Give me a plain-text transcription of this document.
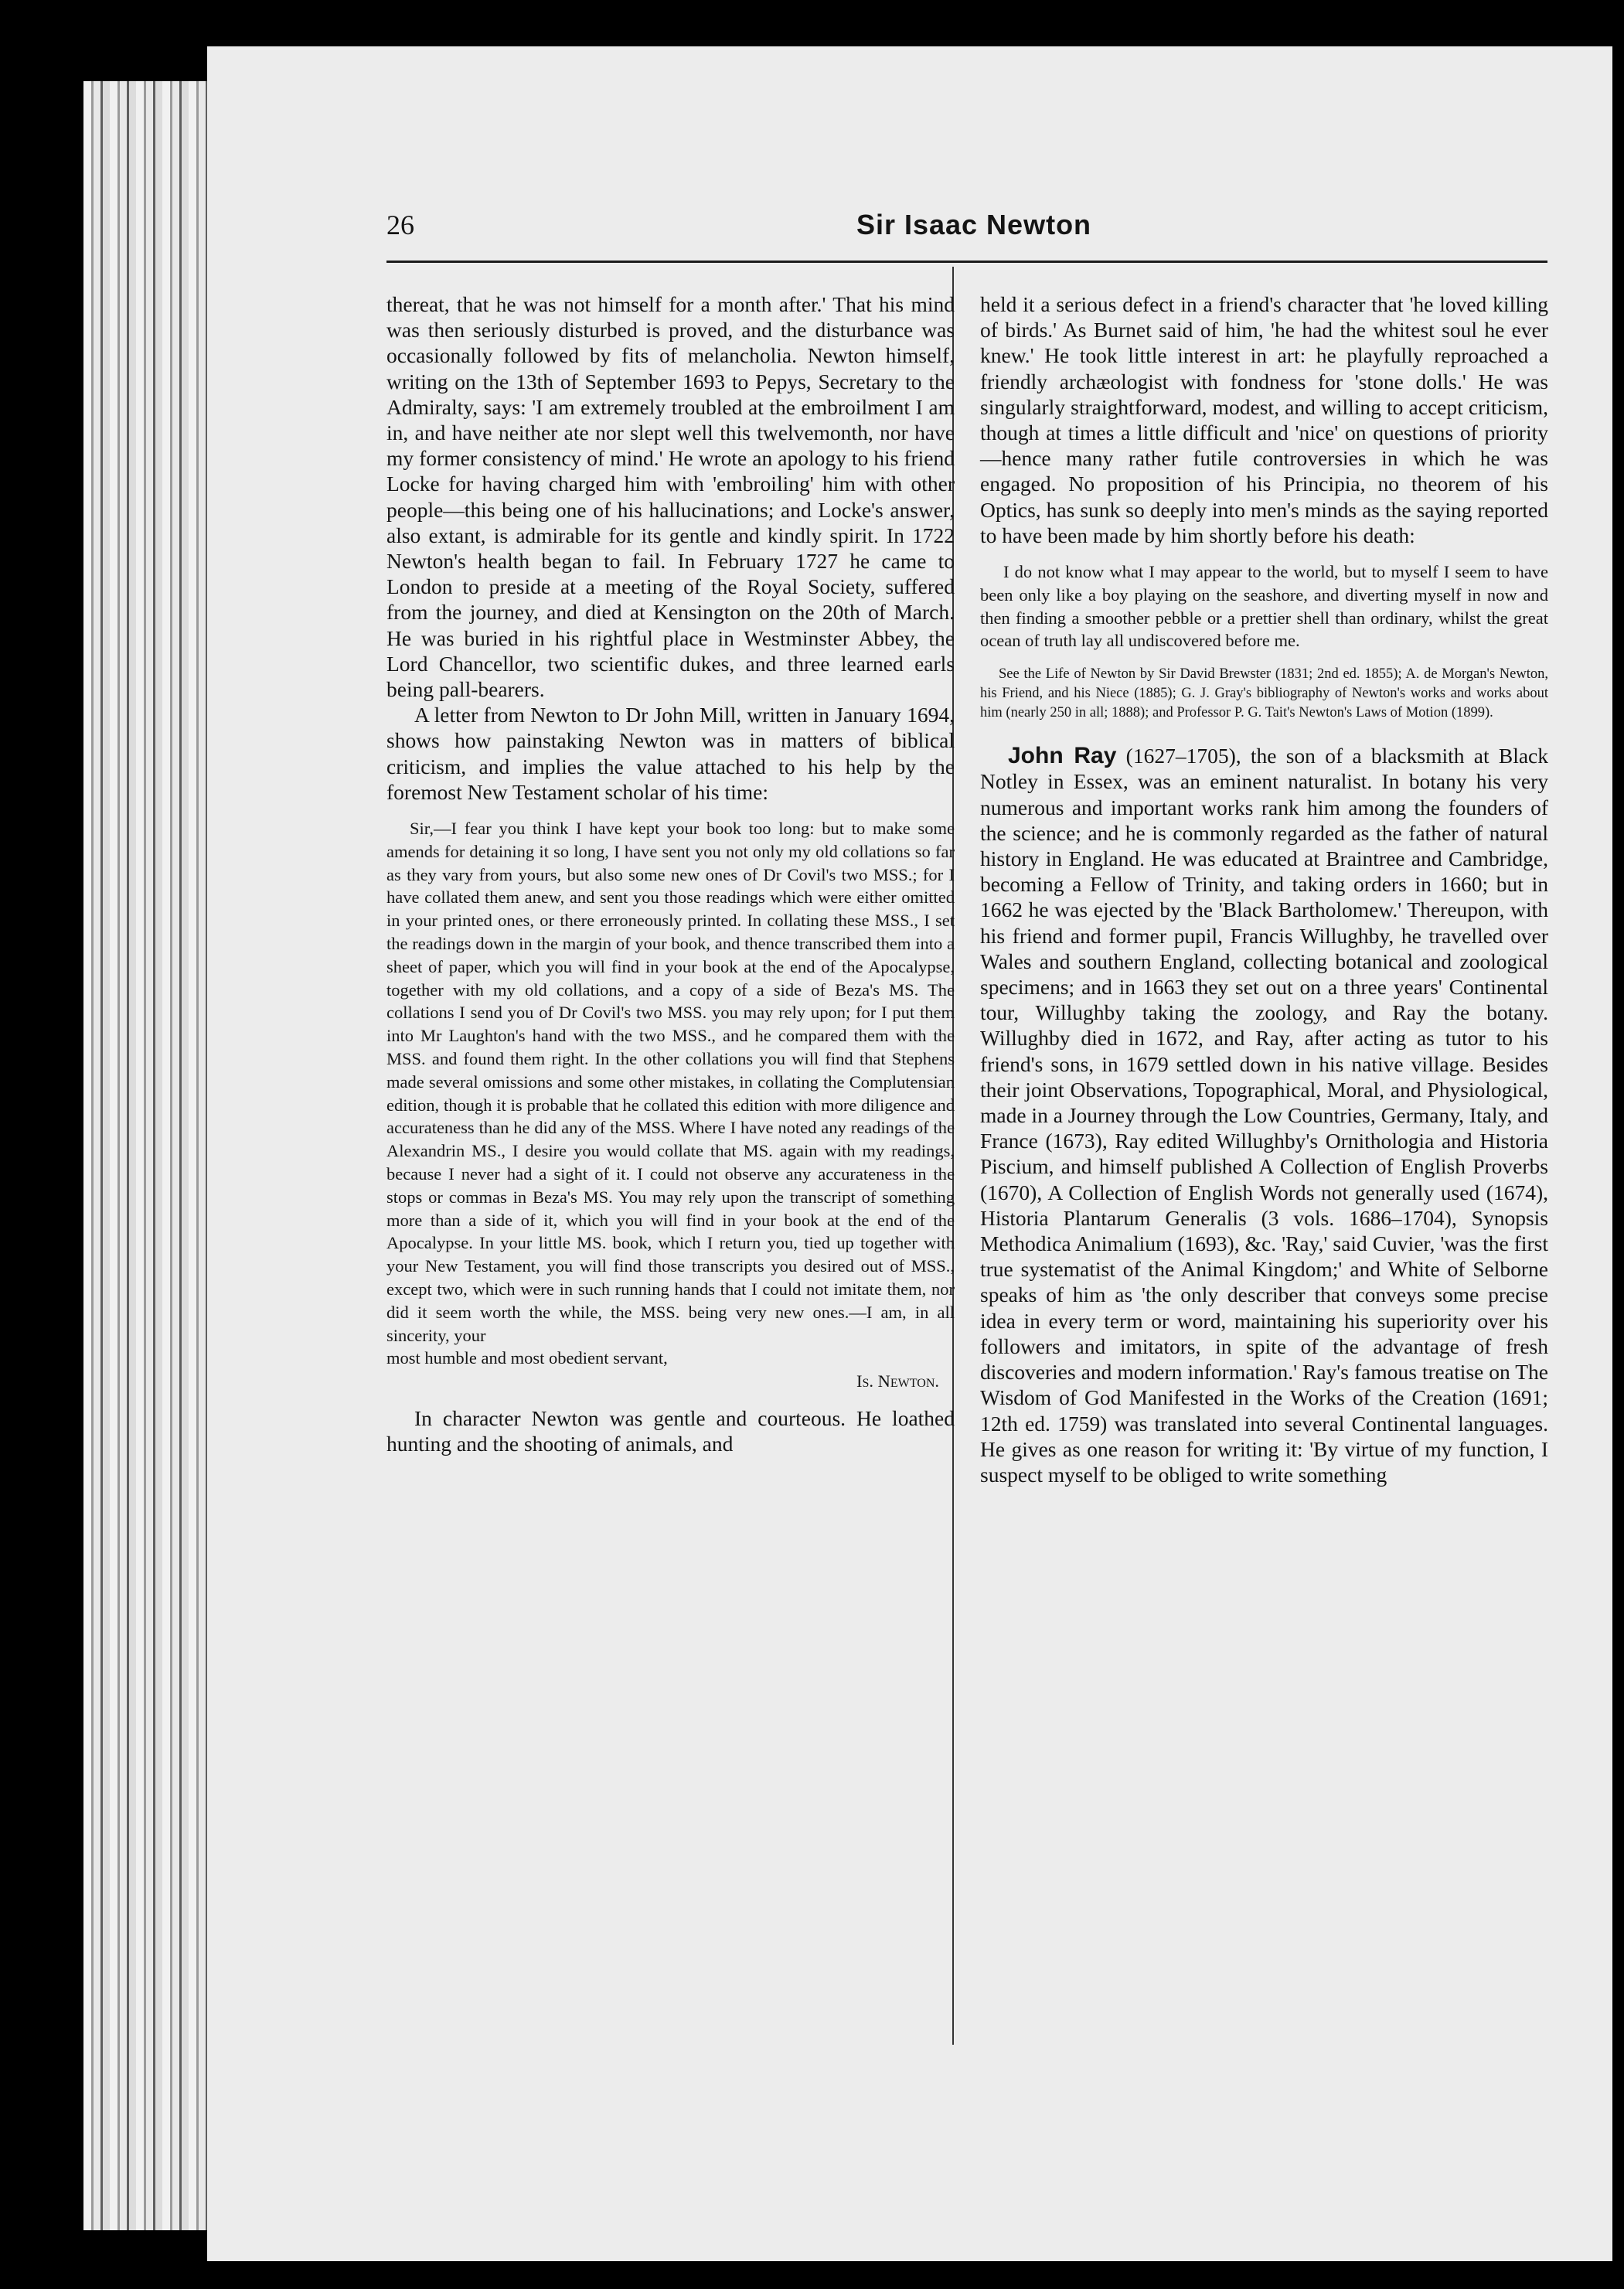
26	Sir Isaac Newton

thereat, that he was not himself for a month after.' That his mind was then seriously disturbed is proved, and the disturbance was occasionally followed by fits of melancholia. Newton himself, writing on the 13th of September 1693 to Pepys, Secretary to the Admiralty, says: 'I am extremely troubled at the embroilment I am in, and have neither ate nor slept well this twelvemonth, nor have my former consistency of mind.' He wrote an apology to his friend Locke for having charged him with 'embroiling' him with other people—this being one of his hallucinations; and Locke's answer, also extant, is admirable for its gentle and kindly spirit. In 1722 Newton's health began to fail. In February 1727 he came to London to preside at a meeting of the Royal Society, suffered from the journey, and died at Kensington on the 20th of March. He was buried in his rightful place in Westminster Abbey, the Lord Chancellor, two scientific dukes, and three learned earls being pall-bearers.

A letter from Newton to Dr John Mill, written in January 1694, shows how painstaking Newton was in matters of biblical criticism, and implies the value attached to his help by the foremost New Testament scholar of his time:

Sir,—I fear you think I have kept your book too long: but to make some amends for detaining it so long, I have sent you not only my old collations so far as they vary from yours, but also some new ones of Dr Covil's two MSS.; for I have collated them anew, and sent you those readings which were either omitted in your printed ones, or there erroneously printed. In collating these MSS., I set the readings down in the margin of your book, and thence transcribed them into a sheet of paper, which you will find in your book at the end of the Apocalypse, together with my old collations, and a copy of a side of Beza's MS. The collations I send you of Dr Covil's two MSS. you may rely upon; for I put them into Mr Laughton's hand with the two MSS., and he compared them with the MSS. and found them right. In the other collations you will find that Stephens made several omissions and some other mistakes, in collating the Complutensian edition, though it is probable that he collated this edition with more diligence and accurateness than he did any of the MSS. Where I have noted any readings of the Alexandrin MS., I desire you would collate that MS. again with my readings, because I never had a sight of it. I could not observe any accurateness in the stops or commas in Beza's MS. You may rely upon the transcript of something more than a side of it, which you will find in your book at the end of the Apocalypse. In your little MS. book, which I return you, tied up together with your New Testament, you will find those transcripts you desired out of MSS., except two, which were in such running hands that I could not imitate them, nor did it seem worth the while, the MSS. being very new ones.—I am, in all sincerity, your

most humble and most obedient servant,

Is. Newton.

In character Newton was gentle and courteous. He loathed hunting and the shooting of animals, and

held it a serious defect in a friend's character that 'he loved killing of birds.' As Burnet said of him, 'he had the whitest soul he ever knew.' He took little interest in art: he playfully reproached a friendly archæologist with fondness for 'stone dolls.' He was singularly straightforward, modest, and willing to accept criticism, though at times a little difficult and 'nice' on questions of priority—hence many rather futile controversies in which he was engaged. No proposition of his Principia, no theorem of his Optics, has sunk so deeply into men's minds as the saying reported to have been made by him shortly before his death:

I do not know what I may appear to the world, but to myself I seem to have been only like a boy playing on the seashore, and diverting myself in now and then finding a smoother pebble or a prettier shell than ordinary, whilst the great ocean of truth lay all undiscovered before me.

See the Life of Newton by Sir David Brewster (1831; 2nd ed. 1855); A. de Morgan's Newton, his Friend, and his Niece (1885); G. J. Gray's bibliography of Newton's works and works about him (nearly 250 in all; 1888); and Professor P. G. Tait's Newton's Laws of Motion (1899).

John Ray (1627–1705), the son of a blacksmith at Black Notley in Essex, was an eminent naturalist. In botany his very numerous and important works rank him among the founders of the science; and he is commonly regarded as the father of natural history in England. He was educated at Braintree and Cambridge, becoming a Fellow of Trinity, and taking orders in 1660; but in 1662 he was ejected by the 'Black Bartholomew.' Thereupon, with his friend and former pupil, Francis Willughby, he travelled over Wales and southern England, collecting botanical and zoological specimens; and in 1663 they set out on a three years' Continental tour, Willughby taking the zoology, and Ray the botany. Willughby died in 1672, and Ray, after acting as tutor to his friend's sons, in 1679 settled down in his native village. Besides their joint Observations, Topographical, Moral, and Physiological, made in a Journey through the Low Countries, Germany, Italy, and France (1673), Ray edited Willughby's Ornithologia and Historia Piscium, and himself published A Collection of English Proverbs (1670), A Collection of English Words not generally used (1674), Historia Plantarum Generalis (3 vols. 1686–1704), Synopsis Methodica Animalium (1693), &c. 'Ray,' said Cuvier, 'was the first true systematist of the Animal Kingdom;' and White of Selborne speaks of him as 'the only describer that conveys some precise idea in every term or word, maintaining his superiority over his followers and imitators, in spite of the advantage of fresh discoveries and modern information.' Ray's famous treatise on The Wisdom of God Manifested in the Works of the Creation (1691; 12th ed. 1759) was translated into several Continental languages. He gives as one reason for writing it: 'By virtue of my function, I suspect myself to be obliged to write something
